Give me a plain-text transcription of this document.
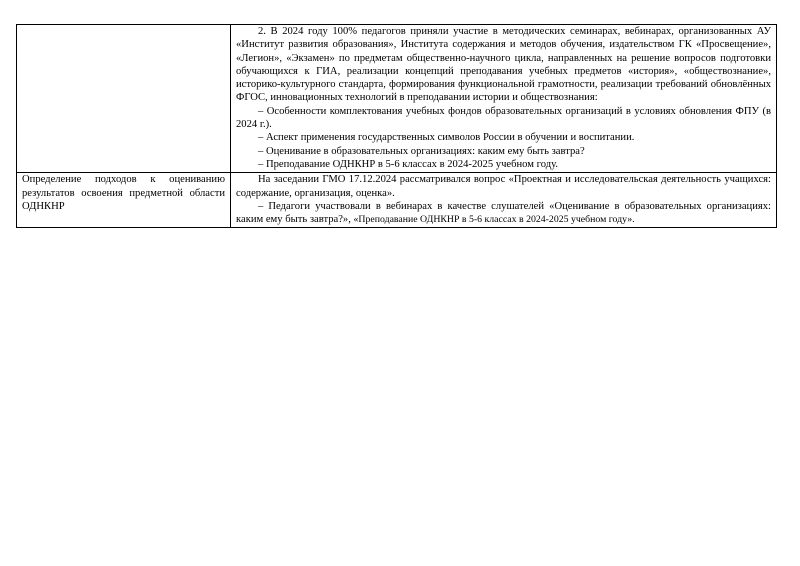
	2. В 2024 году 100% педагогов приняли участие в методических семинарах, вебинарах, организованных АУ «Институт развития образования», Института содержания и методов обучения, издательством ГК «Просвещение», «Легион», «Экзамен» по предметам общественно-научного цикла, направленных на решение вопросов подготовки обучающихся к ГИА, реализации концепций преподавания учебных предметов «история», «обществознание», историко-культурного стандарта, формирования функциональной грамотности, реализации требований обновлённых ФГОС, инновационных технологий в преподавании истории и обществознания:

– Особенности комплектования учебных фондов образовательных организаций в условиях обновления ФПУ (в 2024 г.).

– Аспект применения государственных символов России в обучении и воспитании.

– Оценивание в образовательных организациях: каким ему быть завтра?

– Преподавание ОДНКНР в 5-6 классах в 2024-2025 учебном году.

Определение подходов к оцениванию результатов освоения предметной области ОДНКНР	На заседании ГМО 17.12.2024 рассматривался вопрос «Проектная и исследовательская деятельность учащихся: содержание, организация, оценка».

– Педагоги участвовали в вебинарах в качестве слушателей «Оценивание в образовательных организациях: каким ему быть завтра?», «Преподавание ОДНКНР в 5-6 классах в 2024-2025 учебном году».
